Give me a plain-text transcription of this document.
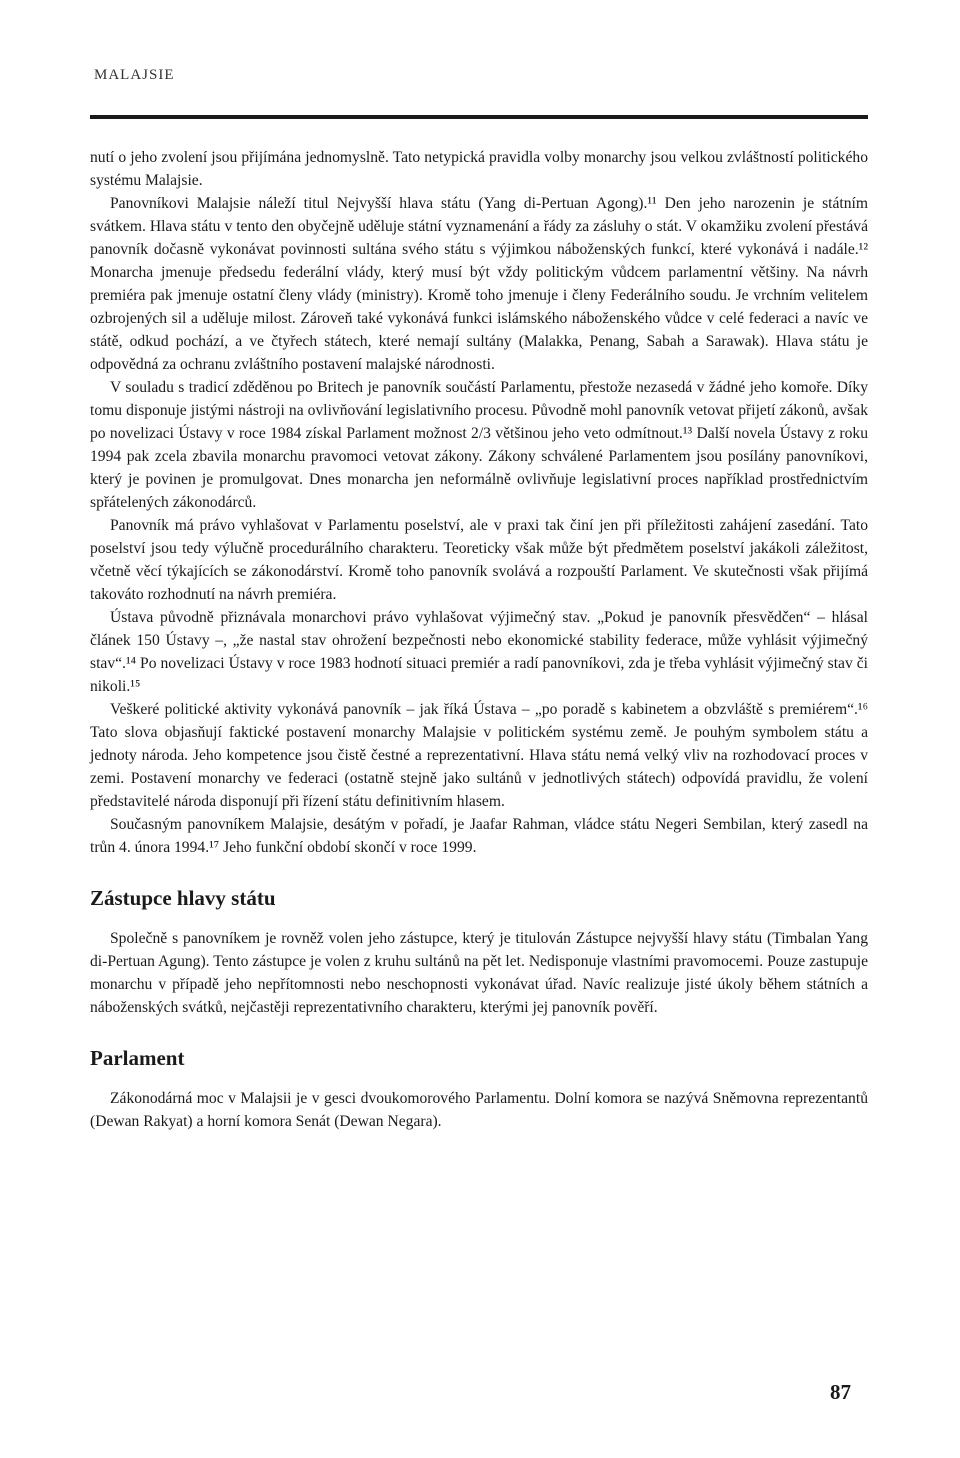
MALAJSIE

nutí o jeho zvolení jsou přijímána jednomyslně. Tato netypická pravidla volby monarchy jsou velkou zvláštností politického systému Malajsie.

Panovníkovi Malajsie náleží titul Nejvyšší hlava státu (Yang di-Pertuan Agong).¹¹ Den jeho narozenin je státním svátkem. Hlava státu v tento den obyčejně uděluje státní vyznamenání a řády za zásluhy o stát. V okamžiku zvolení přestává panovník dočasně vykonávat povinnosti sultána svého státu s výjimkou náboženských funkcí, které vykonává i nadále.¹² Monarcha jmenuje předsedu federální vlády, který musí být vždy politickým vůdcem parlamentní většiny. Na návrh premiéra pak jmenuje ostatní členy vlády (ministry). Kromě toho jmenuje i členy Federálního soudu. Je vrchním velitelem ozbrojených sil a uděluje milost. Zároveň také vykonává funkci islámského náboženského vůdce v celé federaci a navíc ve státě, odkud pochází, a ve čtyřech státech, které nemají sultány (Malakka, Penang, Sabah a Sarawak). Hlava státu je odpovědná za ochranu zvláštního postavení malajské národnosti.

V souladu s tradicí zděděnou po Britech je panovník součástí Parlamentu, přestože nezasedá v žádné jeho komoře. Díky tomu disponuje jistými nástroji na ovlivňování legislativního procesu. Původně mohl panovník vetovat přijetí zákonů, avšak po novelizaci Ústavy v roce 1984 získal Parlament možnost 2/3 většinou jeho veto odmítnout.¹³ Další novela Ústavy z roku 1994 pak zcela zbavila monarchu pravomoci vetovat zákony. Zákony schválené Parlamentem jsou posílány panovníkovi, který je povinen je promulgovat. Dnes monarcha jen neformálně ovlivňuje legislativní proces například prostřednictvím spřátelených zákonodárců.

Panovník má právo vyhlašovat v Parlamentu poselství, ale v praxi tak činí jen při příležitosti zahájení zasedání. Tato poselství jsou tedy výlučně procedurálního charakteru. Teoreticky však může být předmětem poselství jakákoli záležitost, včetně věcí týkajících se zákonodárství. Kromě toho panovník svolává a rozpouští Parlament. Ve skutečnosti však přijímá takováto rozhodnutí na návrh premiéra.

Ústava původně přiznávala monarchovi právo vyhlašovat výjimečný stav. „Pokud je panovník přesvědčen“ – hlásal článek 150 Ústavy –, „že nastal stav ohrožení bezpečnosti nebo ekonomické stability federace, může vyhlásit výjimečný stav“.¹⁴ Po novelizaci Ústavy v roce 1983 hodnotí situaci premiér a radí panovníkovi, zda je třeba vyhlásit výjimečný stav či nikoli.¹⁵

Veškeré politické aktivity vykonává panovník – jak říká Ústava – „po poradě s kabinetem a obzvláště s premiérem“.¹⁶ Tato slova objasňují faktické postavení monarchy Malajsie v politickém systému země. Je pouhým symbolem státu a jednoty národa. Jeho kompetence jsou čistě čestné a reprezentativní. Hlava státu nemá velký vliv na rozhodovací proces v zemi. Postavení monarchy ve federaci (ostatně stejně jako sultánů v jednotlivých státech) odpovídá pravidlu, že volení představitelé národa disponují při řízení státu definitivním hlasem.

Současným panovníkem Malajsie, desátým v pořadí, je Jaafar Rahman, vládce státu Negeri Sembilan, který zasedl na trůn 4. února 1994.¹⁷ Jeho funkční období skončí v roce 1999.

Zástupce hlavy státu

Společně s panovníkem je rovněž volen jeho zástupce, který je titulován Zástupce nejvyšší hlavy státu (Timbalan Yang di-Pertuan Agung). Tento zástupce je volen z kruhu sultánů na pět let. Nedisponuje vlastními pravomocemi. Pouze zastupuje monarchu v případě jeho nepřítomnosti nebo neschopnosti vykonávat úřad. Navíc realizuje jisté úkoly během státních a náboženských svátků, nejčastěji reprezentativního charakteru, kterými jej panovník pověří.

Parlament

Zákonodárná moc v Malajsii je v gesci dvoukomorového Parlamentu. Dolní komora se nazývá Sněmovna reprezentantů (Dewan Rakyat) a horní komora Senát (Dewan Negara).

87
